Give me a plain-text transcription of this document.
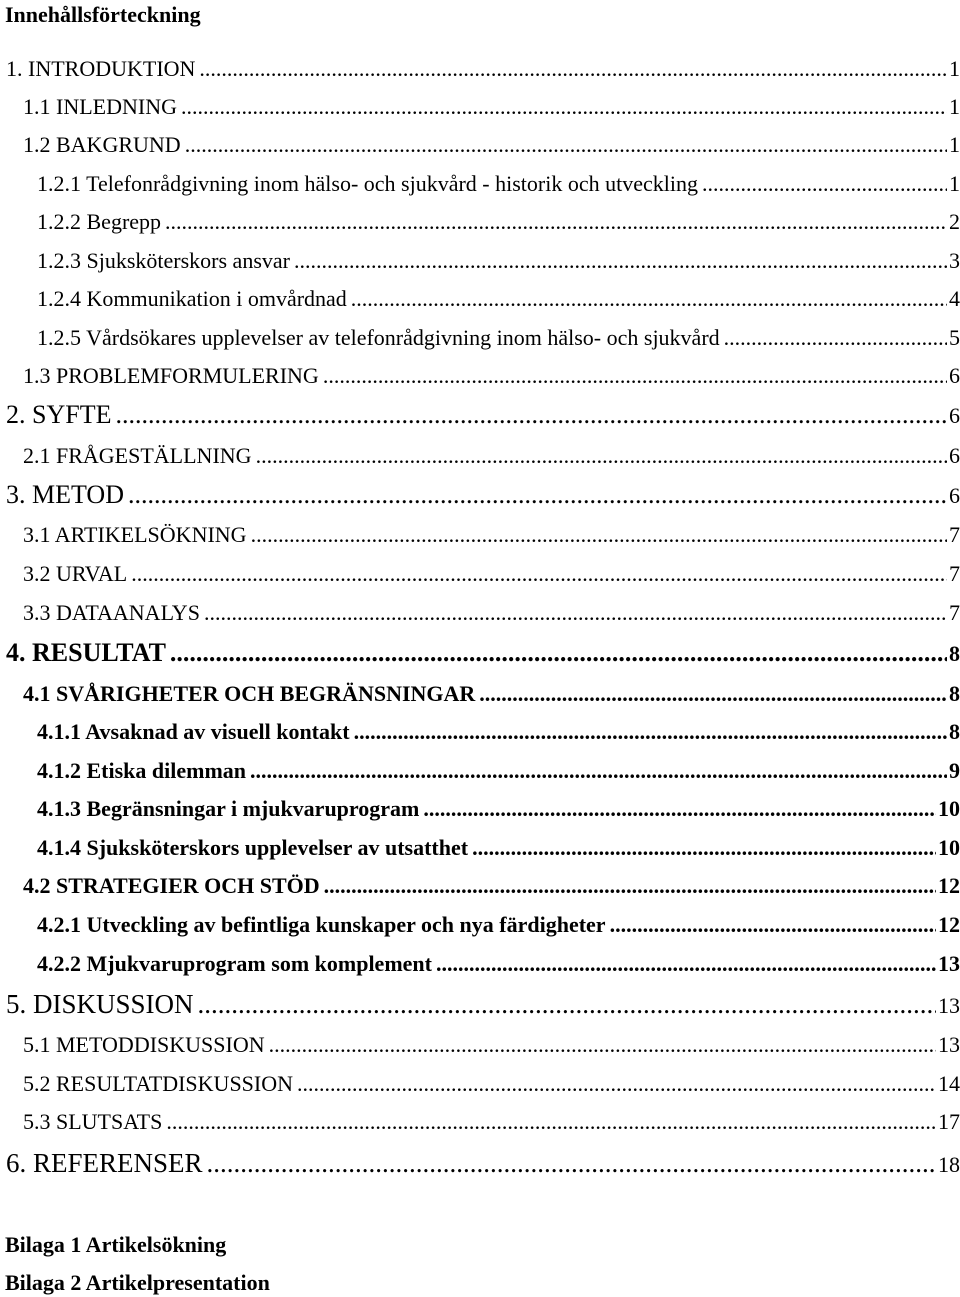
Innehållsförteckning
1. INTRODUKTION .....	1
1.1 INLEDNING .....	1
1.2 BAKGRUND .....	1
1.2.1 Telefonrådgivning inom hälso- och sjukvård - historik och utveckling .....	1
1.2.2 Begrepp .....	2
1.2.3 Sjuksköterskors ansvar .....	3
1.2.4 Kommunikation i omvårdnad .....	4
1.2.5 Vårdsökares upplevelser av telefonrådgivning inom hälso- och sjukvård .....	5
1.3 PROBLEMFORMULERING .....	6
2. SYFTE .....	6
2.1 FRÅGESTÄLLNING .....	6
3. METOD .....	6
3.1 ARTIKELSÖKNING .....	7
3.2 URVAL .....	7
3.3 DATAANALYS .....	7
4. RESULTAT .....	8
4.1 SVÅRIGHETER OCH BEGRÄNSNINGAR .....	8
4.1.1 Avsaknad av visuell kontakt .....	8
4.1.2 Etiska dilemman .....	9
4.1.3 Begränsningar i mjukvaruprogram .....	10
4.1.4 Sjuksköterskors upplevelser av utsatthet .....	10
4.2 STRATEGIER OCH STÖD .....	12
4.2.1 Utveckling av befintliga kunskaper och nya färdigheter .....	12
4.2.2 Mjukvaruprogram som komplement .....	13
5. DISKUSSION .....	13
5.1 METODDISKUSSION .....	13
5.2 RESULTATDISKUSSION .....	14
5.3 SLUTSATS .....	17
6. REFERENSER .....	18

Bilaga 1 Artikelsökning

Bilaga 2 Artikelpresentation
